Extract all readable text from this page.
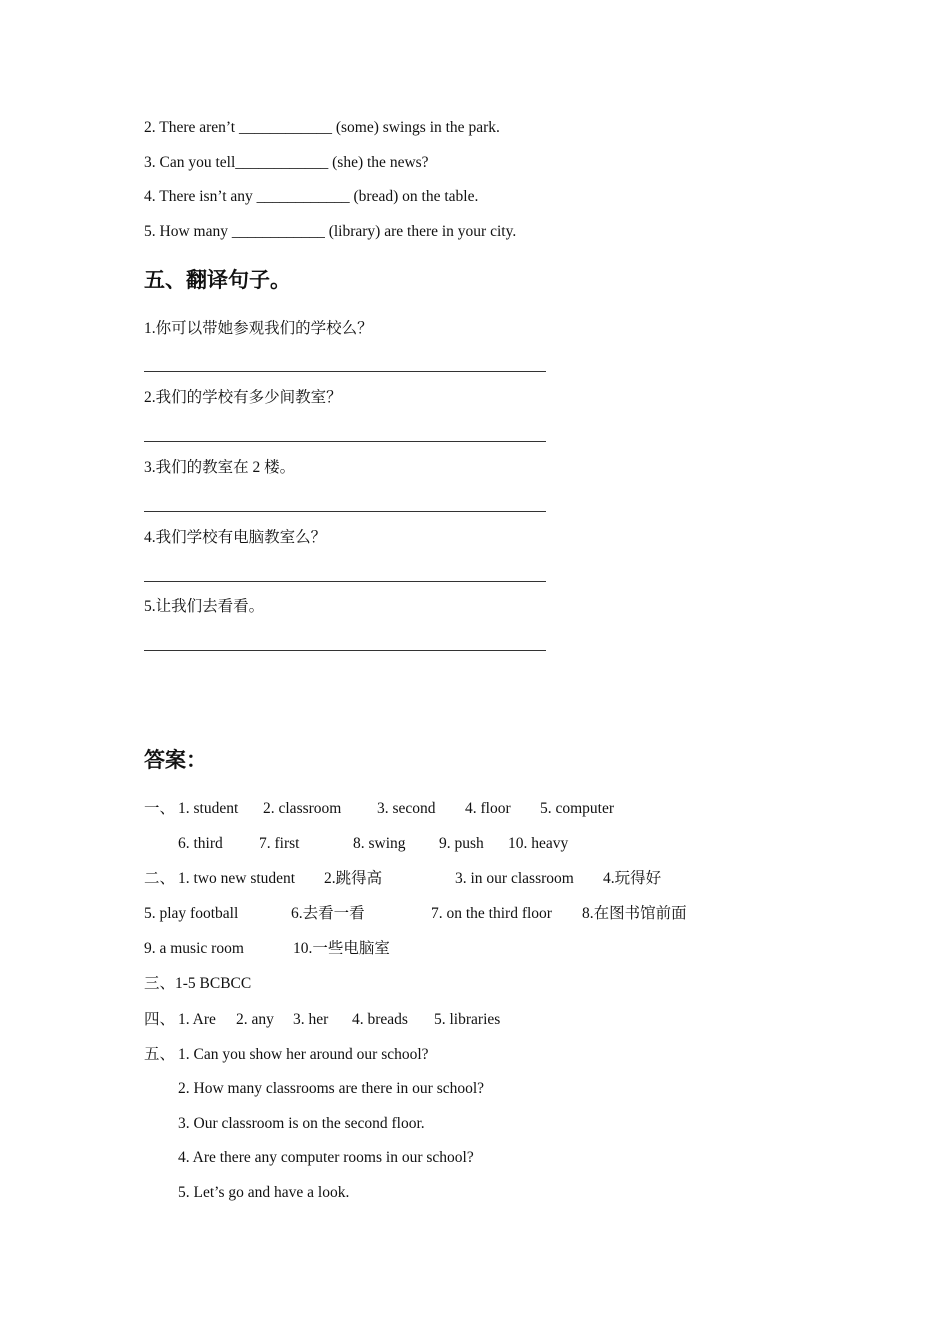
2. There aren’t ____________ (some) swings in the park.
3. Can you tell____________ (she) the news?
4. There isn’t any ____________ (bread) on the table.
5. How many ____________ (library) are there in your city.
五、翻译句子。
1.你可以带她参观我们的学校么？
2.我们的学校有多少间教室？
3.我们的教室在 2 楼。
4.我们学校有电脑教室么？
5.让我们去看看。
答案：
一、 1. student 2. classroom 3. second 4. floor 5. computer
6. third 7. first	8. swing 9. push 10. heavy
二、 1. two new student 2.跳得高	3. in our classroom 4.玩得好
5. play football	6.去看一看	7. on the third floor 8.在图书馆前面
9. a music room	10.一些电脑室
三、1-5 BCBCC
四、 1. Are 2. any 3. her 4. breads 5. libraries
五、 1. Can you show her around our school?
2. How many classrooms are there in our school?
3. Our classroom is on the second floor.
4. Are there any computer rooms in our school?
5. Let’s go and have a look.
